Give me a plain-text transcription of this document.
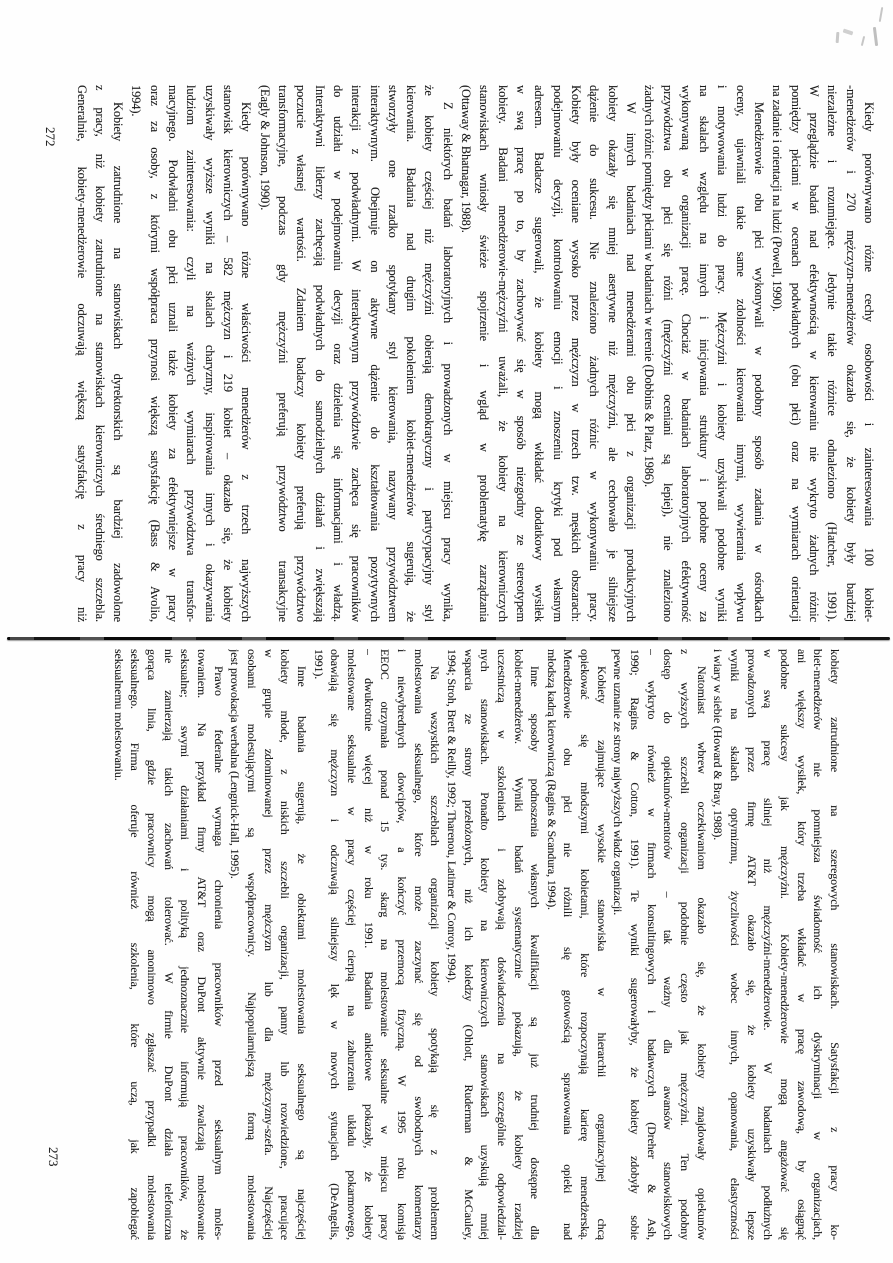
Kiedy porównywano różne cechy osobowości i zainteresowania 100 kobiet-
-menedżerów i 270 mężczyzn-menedżerów okazało się, że kobiety były bardziej
niezależne i rozumiejące. Jedynie takie różnice odnaleziono (Hatcher, 1991).
W przeglądzie badań nad efektywnością w kierowaniu nie wykryto żadnych różnic
pomiędzy płciami w ocenach podwładnych (obu płci) oraz na wymiarach orientacji
na zadanie i orientacji na ludzi (Powell, 1990).
Menedżerowie obu płci wykonywali w podobny sposób zadania w ośrodkach
oceny, ujawniali takie same zdolności kierowania innymi, wywierania wpływu
i motywowania ludzi do pracy. Mężczyźni i kobiety uzyskiwali podobne wyniki
na skalach względu na innych i inicjowania struktury i podobne oceny za
wykonywaną w organizacji pracę. Chociaż w badaniach laboratoryjnych efektywność
przywództwa obu płci się różni (mężczyźni oceniani są lepiej), nie znaleziono
żadnych różnic pomiędzy płciami w badaniach w terenie (Dobbins & Platz, 1986).
W innych badaniach nad menedżerami obu płci z organizacji produkcyjnych
kobiety okazały się mniej asertywne niż mężczyźni, ale cechowało je silniejsze
dążenie do sukcesu. Nie znaleziono żadnych różnic w wykonywaniu pracy.
Kobiety były oceniane wysoko przez mężczyzn w trzech tzw. męskich obszarach:
podejmowaniu decyzji, kontrolowaniu emocji i znoszeniu krytyki pod własnym
adresem. Badacze sugerowali, że kobiety mogą wkładać dodatkowy wysiłek
w swą pracę po to, by zachowywać się w sposób niezgodny ze stereotypem
kobiety. Badani menedżerowie-mężczyźni uważali, że kobiety na kierowniczych
stanowiskach wniosły świeże spojrzenie i wgląd w problematykę zarządzania
(Ottaway & Bhatnagar, 1988).
Z niektórych badań laboratoryjnych i prowadzonych w miejscu pracy wynika,
że kobiety częściej niż mężczyźni obierają demokratyczny i partycypacyjny styl
kierowania. Badania nad drugim pokoleniem kobiet-menedżerów sugerują, że
stworzyły one rzadko spotykany styl kierowania, nazywany przywództwem
interaktywnym. Obejmuje on aktywne dążenie do kształtowania pozytywnych
interakcji z podwładnymi. W interaktywnym przywództwie zachęca się pracowników
do udziału w podejmowaniu decyzji oraz dzielenia się informacjami i władzą.
Interaktywni liderzy zachęcają podwładnych do samodzielnych działań i zwiększają
poczucie własnej wartości. Zdaniem badaczy kobiety preferują przywództwo
transformacyjne, podczas gdy mężczyźni preferują przywództwo transakcyjne
(Eagly & Johnson, 1990).
Kiedy porównywano różne właściwości menedżerów z trzech najwyższych
stanowisk kierowniczych – 582 mężczyzn i 219 kobiet – okazało się, że kobiety
uzyskiwały wyższe wyniki na skalach charyzmy, inspirowania innych i okazywania
ludziom zainteresowania: czyli na ważnych wymiarach przywództwa transfor-
macyjnego. Podwładni obu płci uznali także kobiety za efektywniejsze w pracy
oraz za osoby, z którymi współpraca przynosi większą satysfakcję (Bass & Avolio,
1994).
Kobiety zatrudnione na stanowiskach dyrektorskich są bardziej zadowolone
z pracy, niż kobiety zatrudnione na stanowiskach kierowniczych średniego szczebla.
Generalnie, kobiety-menedżerowie odczuwają większą satysfakcję z pracy niż
272
kobiety zatrudnione na szeregowych stanowiskach. Satysfakcji z pracy ko-
biet-menedżerów nie pomniejsza świadomość ich dyskryminacji w organizacjach,
ani większy wysiłek, który trzeba wkładać w pracę zawodową, by osiągnąć
podobne sukcesy jak mężczyźni. Kobiety-menedżerowie mogą angażować się
w swą pracę silniej niż mężczyźni-menedżerowie. W badaniach podłużnych
prowadzonych przez firmę AT&T okazało się, że kobiety uzyskiwały lepsze
wyniki na skalach optymizmu, życzliwości wobec innych, opanowania, elastyczności
i wiary w siebie (Howard & Bray, 1988).
Natomiast wbrew oczekiwaniom okazało się, że kobiety znajdowały opiekunów
z wyższych szczebli organizacji podobnie często jak mężczyźni. Ten podobny
dostęp do opiekunów-mentorów – tak ważny dla awansów stanowiskowych
– wykryto również w firmach konsultingowych i badawczych (Dreher & Ash,
1990; Ragins & Cotton, 1991). Te wyniki sugerowałyby, że kobiety zdobyły sobie
pewne uznanie ze strony najwyższych władz organizacji.
Kobiety zajmujące wysokie stanowiska w hierarchii organizacyjnej chcą
opiekować się młodszymi kobietami, które rozpoczynają karierę menedżerską.
Menedżerowie obu płci nie różnili się gotowością sprawowania opieki nad
młodszą kadrą kierowniczą (Ragins & Scandura, 1994).
Inne sposoby podnoszenia własnych kwalifikacji są już trudniej dostępne dla
kobiet-menedżerów. Wyniki badań systematycznie pokazują, że kobiety rzadziej
uczestniczą w szkoleniach i zdobywają doświadczenia na szczególnie odpowiedzial-
nych stanowiskach. Ponadto kobiety na kierowniczych stanowiskach uzyskują mniej
wsparcia ze strony przełożonych, niż ich koledzy (Ohlott, Ruderman & McCauley,
1994; Stroh, Brett & Reilly, 1992; Tharenou, Latimer & Conroy, 1994).
Na wszystkich szczeblach organizacji kobiety spotykają się z problemem
molestowania seksualnego, które może zaczynać się od swobodnych komentarzy
i niewybrednych dowcipów, a kończyć przemocą fizyczną. W 1995 roku komisja
EEOC otrzymała ponad 15 tys. skarg na molestowanie seksualne w miejscu pracy
– dwukrotnie więcej niż w roku 1991. Badania ankietowe pokazały, że kobiety
molestowane seksualnie w pracy częściej cierpią na zaburzenia układu pokarmowego,
obawiają się mężczyzn i odczuwają silniejszy lęk w nowych sytuacjach (DeAngelis,
1991).
Inne badania sugerują, że obiektami molestowania seksualnego są najczęściej
kobiety młode, z niskich szczebli organizacji, panny lub rozwiedzione, pracujące
w grupie zdominowanej przez mężczyzn lub dla mężczyzny-szefa. Najczęściej
osobami molestującymi są współpracownicy. Najpopularniejszą formą molestowania
jest prowokacja werbalna (Lengnick-Hall, 1995).
Prawo federalne wymaga chronienia pracowników przed seksualnym moles-
towaniem. Na przykład firmy AT&T oraz DuPont aktywnie zwalczają molestowanie
seksualne; swymi działaniami i polityką jednoznacznie informują pracowników, że
nie zamierzają takich zachowań tolerować. W firmie DuPont działa telefoniczna
gorąca linia, gdzie pracownicy mogą anonimowo zgłaszać przypadki molestowania
seksualnego. Firma oferuje również szkolenia, które uczą, jak zapobiegać
seksualnemu molestowaniu.
273
